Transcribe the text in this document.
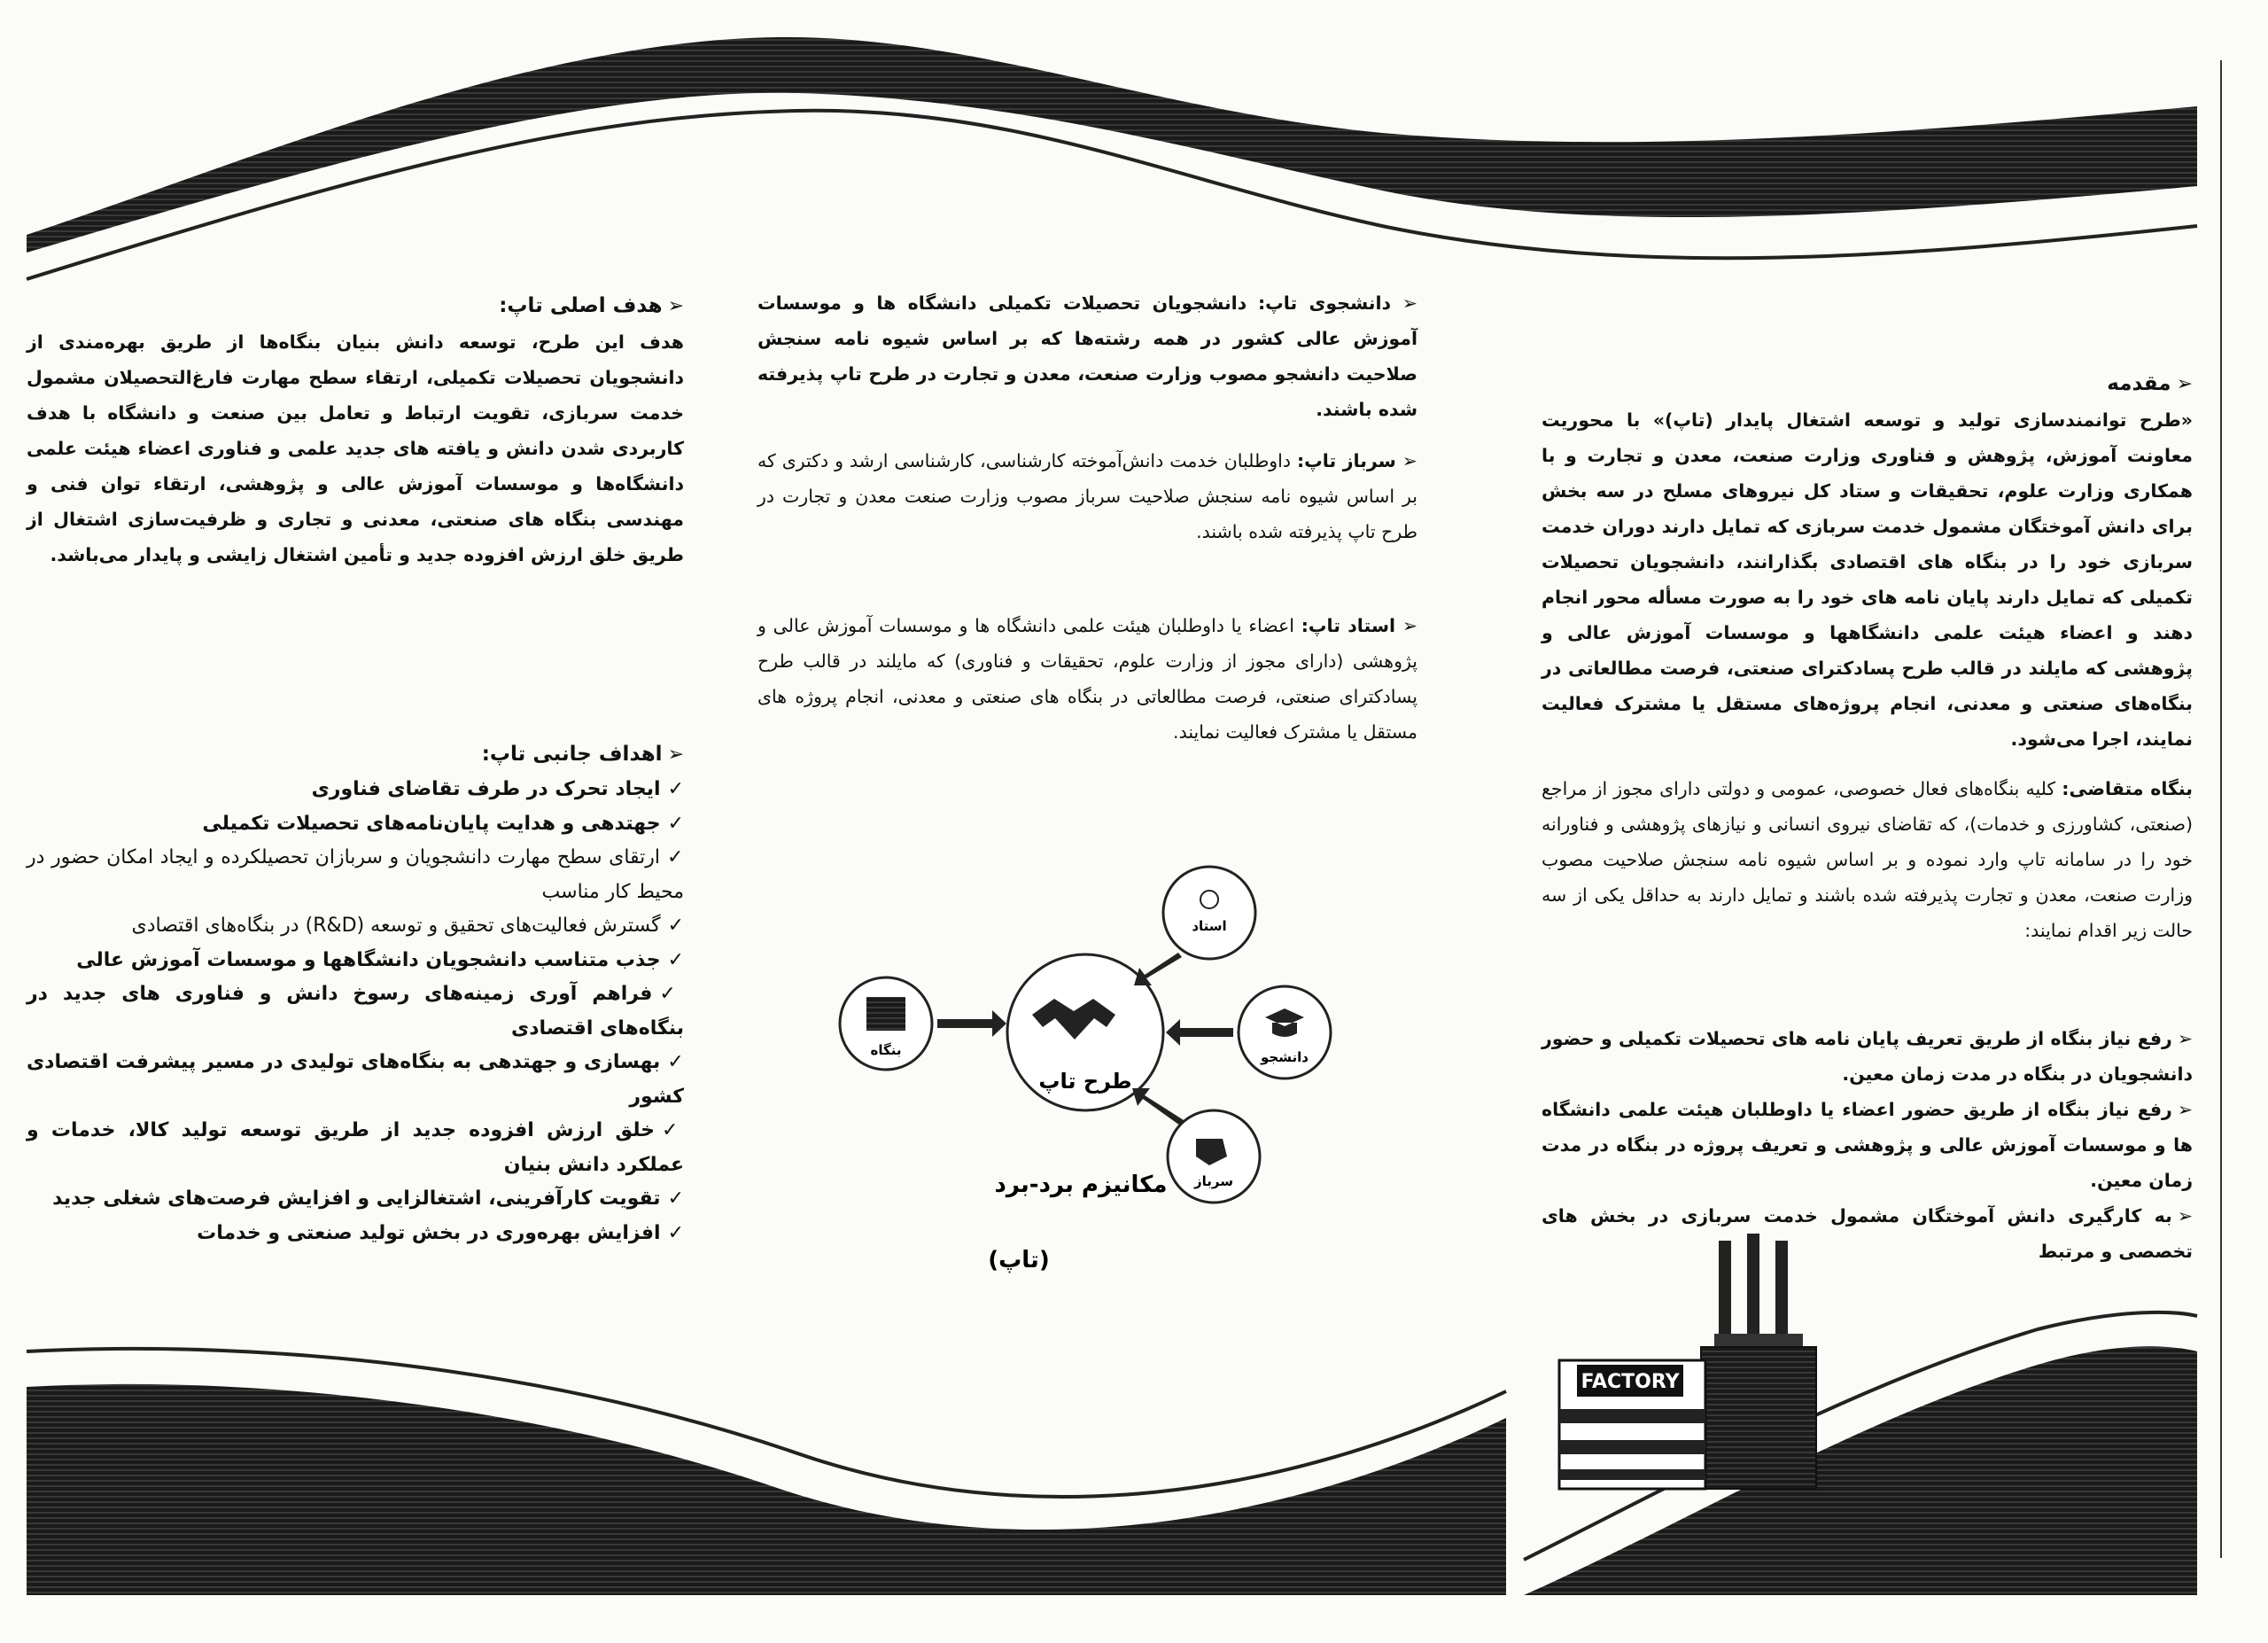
➢مقدمه

«طرح توانمندسازی تولید و توسعه اشتغال پایدار (تاپ)» با محوریت معاونت آموزش، پژوهش و فناوری وزارت صنعت، معدن و تجارت و با همکاری وزارت علوم، تحقیقات و ستاد کل نیروهای مسلح در سه بخش برای دانش آموختگان مشمول خدمت سربازی که تمایل دارند دوران خدمت سربازی خود را در بنگاه های اقتصادی بگذارانند، دانشجویان تحصیلات تکمیلی که تمایل دارند پایان نامه های خود را به صورت مسأله محور انجام دهند و اعضاء هیئت علمی دانشگاهها و موسسات آموزش عالی و پژوهشی که مایلند در قالب طرح پسادکترای صنعتی، فرصت مطالعاتی در بنگاه‌های صنعتی و معدنی، انجام پروژه‌های مستقل یا مشترک فعالیت نمایند، اجرا می‌شود.

بنگاه متقاضی: کلیه بنگاه‌های فعال خصوصی، عمومی و دولتی دارای مجوز از مراجع (صنعتی، کشاورزی و خدمات)، که تقاضای نیروی انسانی و نیازهای پژوهشی و فناورانه خود را در سامانه تاپ وارد نموده و بر اساس شیوه نامه سنجش صلاحیت مصوب وزارت صنعت، معدن و تجارت پذیرفته شده باشند و تمایل دارند به حداقل یکی از سه حالت زیر اقدام نمایند:

➢رفع نیاز بنگاه از طریق تعریف پایان نامه های تحصیلات تکمیلی و حضور دانشجویان در بنگاه در مدت زمان معین.

➢رفع نیاز بنگاه از طریق حضور اعضاء یا داوطلبان هیئت علمی دانشگاه ها و موسسات آموزش عالی و پژوهشی و تعریف پروژه در بنگاه در مدت زمان معین.

➢به کارگیری دانش آموختگان مشمول خدمت سربازی در بخش های تخصصی و مرتبط

FACTORY

➢ دانشجوی تاپ: دانشجویان تحصیلات تکمیلی دانشگاه ها و موسسات آموزش عالی کشور در همه رشته‌ها که بر اساس شیوه نامه سنجش صلاحیت دانشجو مصوب وزارت صنعت، معدن و تجارت در طرح تاپ پذیرفته شده باشند.

➢ سرباز تاپ: داوطلبان خدمت دانش‌آموخته کارشناسی، کارشناسی ارشد و دکتری که بر اساس شیوه نامه سنجش صلاحیت سرباز مصوب وزارت صنعت معدن و تجارت در طرح تاپ پذیرفته شده باشند.

➢ استاد تاپ: اعضاء یا داوطلبان هیئت علمی دانشگاه ها و موسسات آموزش عالی و پژوهشی (دارای مجوز از وزارت علوم، تحقیقات و فناوری) که مایلند در قالب طرح پسادکترای صنعتی، فرصت مطالعاتی در بنگاه های صنعتی و معدنی، انجام پروژه های مستقل یا مشترک فعالیت نمایند.

طرح تاپ
بنگاه	دانشجو
سرباز
استاد
مکانیزم برد-برد
(تاپ)
➢هدف اصلی تاپ:

هدف این طرح، توسعه دانش بنیان بنگاه‌ها از طریق بهره‌مندی از دانشجویان تحصیلات تکمیلی، ارتقاء سطح مهارت فارغ‌التحصیلان مشمول خدمت سربازی، تقویت ارتباط و تعامل بین صنعت و دانشگاه با هدف کاربردی شدن دانش و یافته های جدید علمی و فناوری اعضاء هیئت علمی دانشگاه‌ها و موسسات آموزش عالی و پژوهشی، ارتقاء توان فنی و مهندسی بنگاه های صنعتی، معدنی و تجاری و ظرفیت‌سازی اشتغال از طریق خلق ارزش افزوده جدید و تأمین اشتغال زایشی و پایدار می‌باشد.

➢اهداف جانبی تاپ:
✓ایجاد تحرک در طرف تقاضای فناوری
✓جهتدهی و هدایت پایان‌نامه‌های تحصیلات تکمیلی
✓ارتقای سطح مهارت دانشجویان و سربازان تحصیلکرده و ایجاد امکان حضور در محیط کار مناسب
✓گسترش فعالیت‌های تحقیق و توسعه (R&D) در بنگاه‌های اقتصادی
✓جذب متناسب دانشجویان دانشگاهها و موسسات آموزش عالی
✓فراهم آوری زمینه‌های رسوخ دانش و فناوری های جدید در بنگاه‌های اقتصادی
✓بهسازی و جهتدهی به بنگاه‌های تولیدی در مسیر پیشرفت اقتصادی کشور
✓خلق ارزش افزوده جدید از طریق توسعه تولید کالا، خدمات و عملکرد دانش بنیان
✓تقویت کارآفرینی، اشتغالزایی و افزایش فرصت‌های شغلی جدید
✓افزایش بهره‌وری در بخش تولید صنعتی و خدمات
